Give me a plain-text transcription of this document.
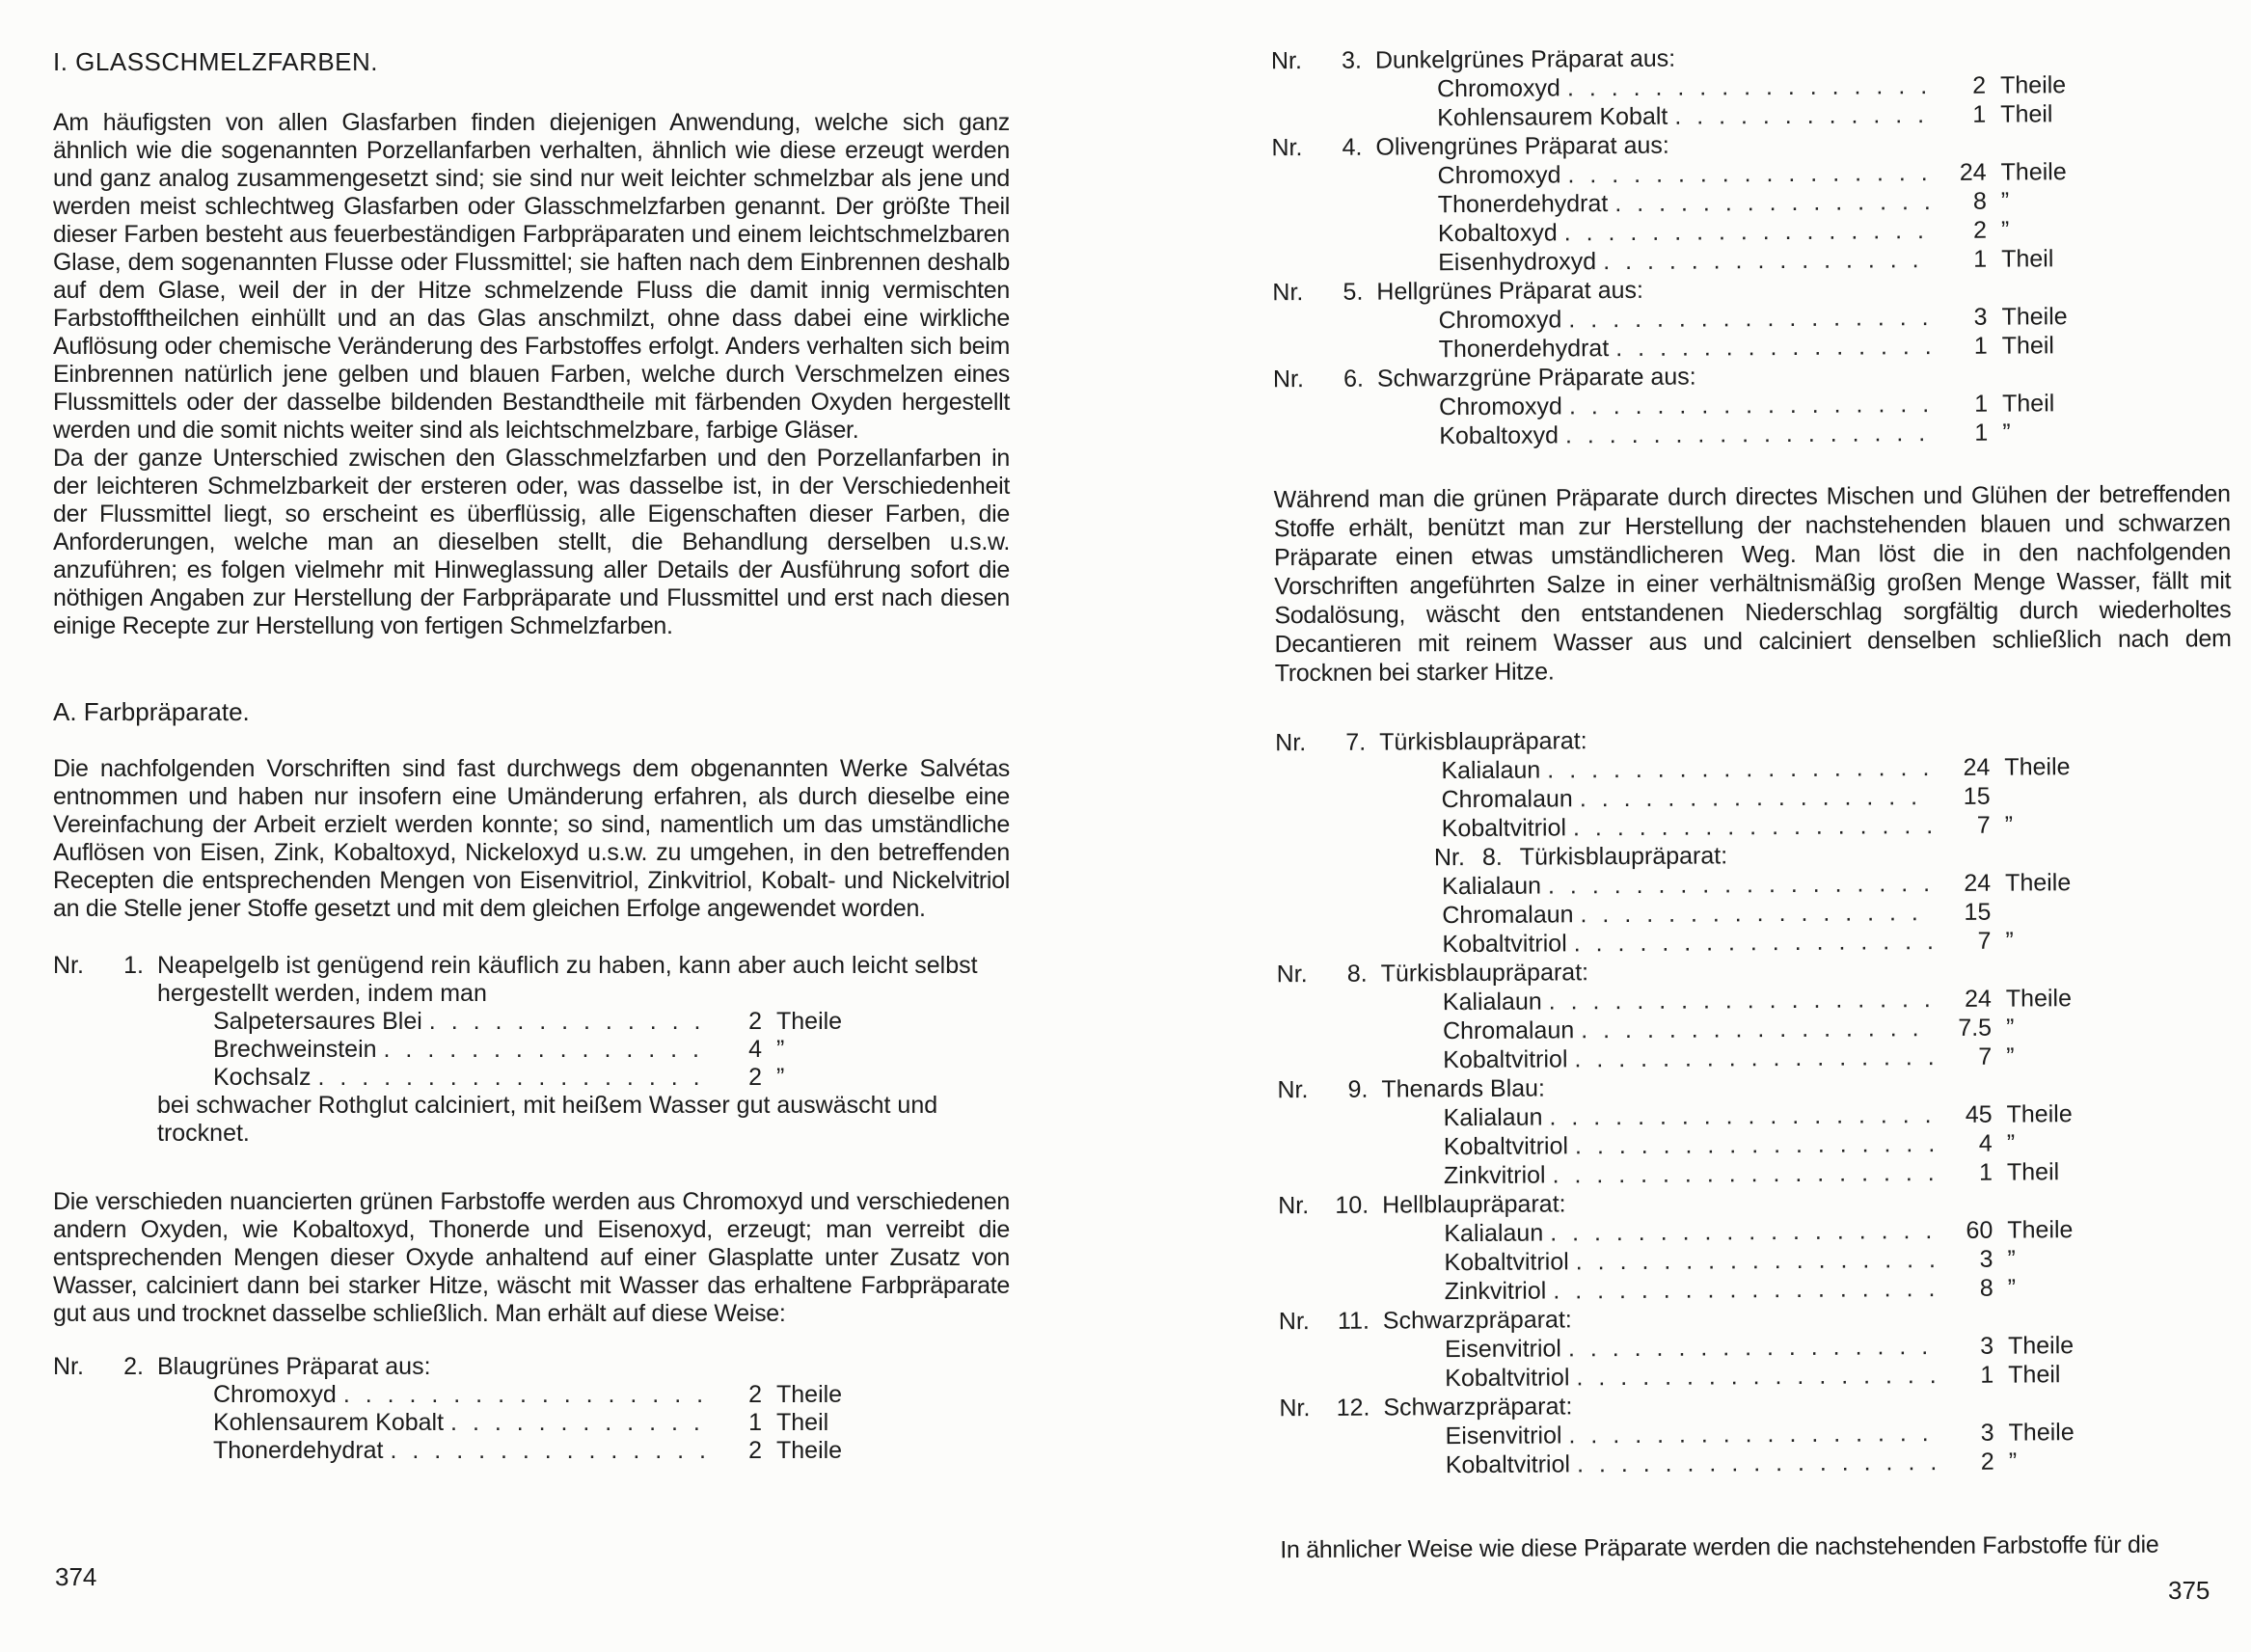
I. GLASSCHMELZFARBEN.

Am häufigsten von allen Glasfarben finden diejenigen Anwendung, welche sich ganz ähnlich wie die sogenannten Porzellanfarben verhalten, ähnlich wie diese erzeugt werden und ganz analog zusammengesetzt sind; sie sind nur weit leichter schmelzbar als jene und werden meist schlechtweg Glasfarben oder Glasschmelzfarben genannt. Der größte Theil dieser Farben besteht aus feuerbeständigen Farbpräparaten und einem leichtschmelzbaren Glase, dem sogenannten Flusse oder Flussmittel; sie haften nach dem Einbrennen deshalb auf dem Glase, weil der in der Hitze schmelzende Fluss die damit innig vermischten Farbstofftheilchen einhüllt und an das Glas anschmilzt, ohne dass dabei eine wirkliche Auflösung oder chemische Veränderung des Farbstoffes erfolgt. Anders verhalten sich beim Einbrennen natürlich jene gelben und blauen Farben, welche durch Verschmelzen eines Flussmittels oder der dasselbe bildenden Bestandtheile mit färbenden Oxyden hergestellt werden und die somit nichts weiter sind als leichtschmelzbare, farbige Gläser.

Da der ganze Unterschied zwischen den Glasschmelzfarben und den Porzellanfarben in der leichteren Schmelzbarkeit der ersteren oder, was dasselbe ist, in der Verschiedenheit der Flussmittel liegt, so erscheint es überflüssig, alle Eigenschaften dieser Farben, die Anforderungen, welche man an dieselben stellt, die Behandlung derselben u.s.w. anzuführen; es folgen vielmehr mit Hinweglassung aller Details der Ausführung sofort die nöthigen Angaben zur Herstellung der Farbpräparate und Flussmittel und erst nach diesen einige Recepte zur Herstellung von fertigen Schmelzfarben.

A. Farbpräparate.

Die nachfolgenden Vorschriften sind fast durchwegs dem obgenannten Werke Salvétas entnommen und haben nur insofern eine Umänderung erfahren, als durch dieselbe eine Vereinfachung der Arbeit erzielt werden konnte; so sind, namentlich um das umständliche Auflösen von Eisen, Zink, Kobaltoxyd, Nickeloxyd u.s.w. zu umgehen, in den betreffenden Recepten die entsprechenden Mengen von Eisenvitriol, Zinkvitriol, Kobalt- und Nickelvitriol an die Stelle jener Stoffe gesetzt und mit dem gleichen Erfolge angewendet worden.

Nr.	1. Neapelgelb ist genügend rein käuflich zu haben, kann aber auch leicht selbst
hergestellt werden, indem man
Salpetersaures Blei . . .	2 Theile
Brechweinstein . . .	4 ”
Kochsalz . . .	2 ”
bei schwacher Rothglut calciniert, mit heißem Wasser gut auswäscht und
trocknet.

Die verschieden nuancierten grünen Farbstoffe werden aus Chromoxyd und verschiedenen andern Oxyden, wie Kobaltoxyd, Thonerde und Eisenoxyd, erzeugt; man verreibt die entsprechenden Mengen dieser Oxyde anhaltend auf einer Glasplatte unter Zusatz von Wasser, calciniert dann bei starker Hitze, wäscht mit Wasser das erhaltene Farbpräparate gut aus und trocknet dasselbe schließlich. Man erhält auf diese Weise:

Nr.	2. Blaugrünes Präparat aus:
Chromoxyd . . .	2 Theile
Kohlensaurem Kobalt . . .	1 Theil
Thonerdehydrat . . .	2 Theile
Nr.	3. Dunkelgrünes Präparat aus:
Chromoxyd . . .	2 Theile
Kohlensaurem Kobalt . . .	1 Theil
Nr.	4. Olivengrünes Präparat aus:
Chromoxyd . . .	24 Theile
Thonerdehydrat . . .	8 ”
Kobaltoxyd . . .	2 ”
Eisenhydroxyd . . .	1 Theil
Nr.	5. Hellgrünes Präparat aus:
Chromoxyd . . .	3 Theile
Thonerdehydrat . . .	1 Theil
Nr.	6. Schwarzgrüne Präparate aus:
Chromoxyd . . .	1 Theil
Kobaltoxyd . . .	1 ”

Während man die grünen Präparate durch directes Mischen und Glühen der betreffenden Stoffe erhält, benützt man zur Herstellung der nachstehenden blauen und schwarzen Präparate einen etwas umständlicheren Weg. Man löst die in den nachfolgenden Vorschriften angeführten Salze in einer verhältnismäßig großen Menge Wasser, fällt mit Sodalösung, wäscht den entstandenen Niederschlag sorgfältig durch wiederholtes Decantieren mit reinem Wasser aus und calciniert denselben schließlich nach dem Trocknen bei starker Hitze.

Nr.	7. Türkisblaupräparat:
Kalialaun . . .	24 Theile
Chromalaun . . .	15
Kobaltvitriol . . .	7 ”
Nr. 8. Türkisblaupräparat:
Kalialaun . . .	24 Theile
Chromalaun . . .	15
Kobaltvitriol . . .	7 ”
Nr.	8. Türkisblaupräparat:
Kalialaun . . .	24 Theile
Chromalaun . . .	7.5 ”
Kobaltvitriol . . .	7 ”
Nr.	9. Thenards Blau:
Kalialaun . . .	45 Theile
Kobaltvitriol . . .	4 ”
Zinkvitriol . . .	1 Theil
Nr.	10. Hellblaupräparat:
Kalialaun . . .	60 Theile
Kobaltvitriol . . .	3 ”
Zinkvitriol . . .	8 ”
Nr.	11. Schwarzpräparat:
Eisenvitriol . . .	3 Theile
Kobaltvitriol . . .	1 Theil
Nr.	12. Schwarzpräparat:
Eisenvitriol . . .	3 Theile
Kobaltvitriol . . .	2 ”

In ähnlicher Weise wie diese Präparate werden die nachstehenden Farbstoffe für die

374	375
